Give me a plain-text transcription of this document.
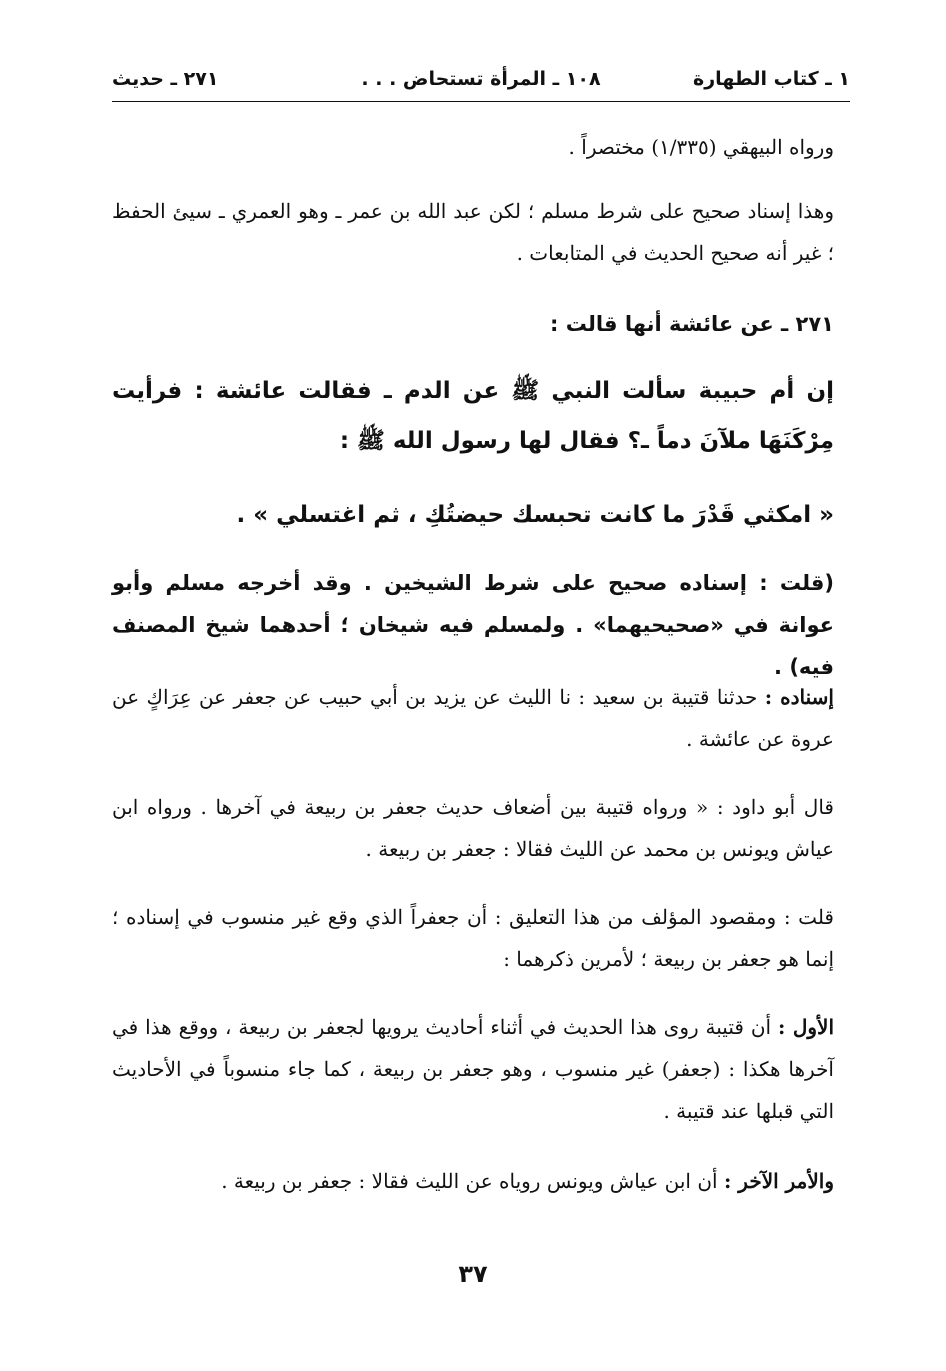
١ ـ كتاب الطهارة
١٠٨ ـ المرأة تستحاض . . .
٢٧١ ـ حديث
ورواه البيهقي (١/٣٣٥) مختصراً .
وهذا إسناد صحيح على شرط مسلم ؛ لكن عبد الله بن عمر ـ وهو العمري ـ سيئ الحفظ ؛ غير أنه صحيح الحديث في المتابعات .
٢٧١ ـ عن عائشة أنها قالت :
إن أم حبيبة سألت النبي ﷺ عن الدم ـ فقالت عائشة : فرأيت مِرْكَنَهَا ملآنَ دماً ـ؟ فقال لها رسول الله ﷺ :
« امكثي قَدْرَ ما كانت تحبسك حيضتُكِ ، ثم اغتسلي » .
(قلت : إسناده صحيح على شرط الشيخين . وقد أخرجه مسلم وأبو عوانة في «صحيحيهما» . ولمسلم فيه شيخان ؛ أحدهما شيخ المصنف فيه) .
إسناده : حدثنا قتيبة بن سعيد : نا الليث عن يزيد بن أبي حبيب عن جعفر عن عِرَاكٍ عن عروة عن عائشة .
قال أبو داود : « ورواه قتيبة بين أضعاف حديث جعفر بن ربيعة في آخرها . ورواه ابن عياش ويونس بن محمد عن الليث فقالا : جعفر بن ربيعة .
قلت : ومقصود المؤلف من هذا التعليق : أن جعفراً الذي وقع غير منسوب في إسناده ؛ إنما هو جعفر بن ربيعة ؛ لأمرين ذكرهما :
الأول : أن قتيبة روى هذا الحديث في أثناء أحاديث يرويها لجعفر بن ربيعة ، ووقع هذا في آخرها هكذا : (جعفر) غير منسوب ، وهو جعفر بن ربيعة ، كما جاء منسوباً في الأحاديث التي قبلها عند قتيبة .
والأمر الآخر : أن ابن عياش ويونس روياه عن الليث فقالا : جعفر بن ربيعة .
٣٧
